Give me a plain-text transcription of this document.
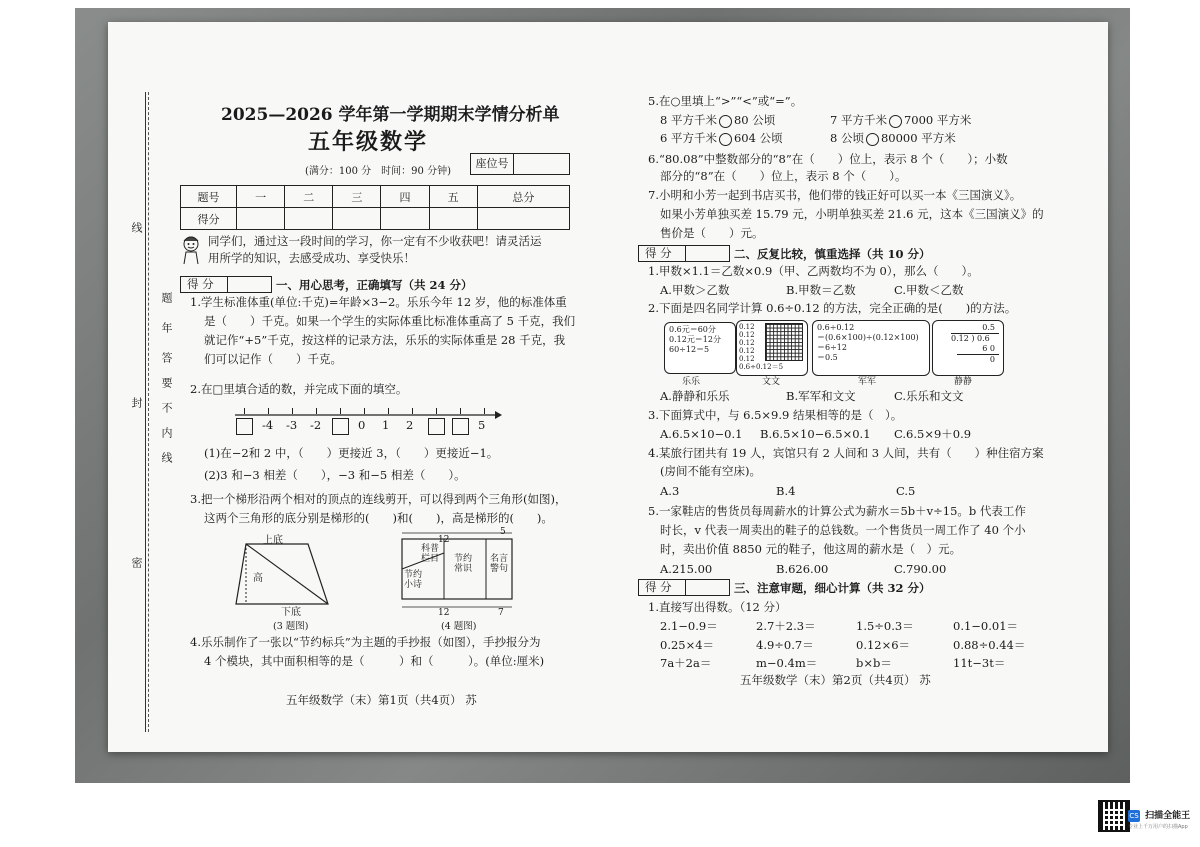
线
题
年
答
要
不
内
线
封
密
2025—2026 学年第一学期期末学情分析单
五年级数学
(满分：100 分　时间：90 分钟)
座位号
题号	一	二	三	四	五	总分
得分						
同学们，通过这一段时间的学习，你一定有不少收获吧！请灵活运
用所学的知识，去感受成功、享受快乐！
得 分	一、用心思考，正确填写（共 24 分）
1.学生标准体重(单位:千克)=年龄×3−2。乐乐今年 12 岁，他的标准体重
是（　　）千克。如果一个学生的实际体重比标准体重高了 5 千克，我们
就记作“+5”千克，按这样的记录方法，乐乐的实际体重是 28 千克，我
们可以记作（　　）千克。
2.在□里填合适的数，并完成下面的填空。
-4 -3 -2	0 1 2	5
(1)在−2和 2 中，（　　）更接近 3，（　　）更接近−1。
(2)3 和−3 相差（　　），−3 和−5 相差（　　）。
3.把一个梯形沿两个相对的顶点的连线剪开，可以得到两个三角形(如图)，
这两个三角形的底分别是梯形的(　　)和(　　)，高是梯形的(　　)。
上底
高
下底
(3 题图)
12
5
12	7
科普栏目
节约小诗
节约常识
名言警句
(4 题图)
4.乐乐制作了一张以“节约标兵”为主题的手抄报（如图），手抄报分为
4 个模块，其中面积相等的是（　　　）和（　　　）。(单位:厘米)
五年级数学（末）第1页（共4页） 苏
5.在○里填上“>”“<”或“=”。
8 平方千米 80 公顷	7 平方千米 7000 平方米
6 平方千米 604 公顷	8 公顷 80000 平方米
6.“80.08”中整数部分的“8”在（　　）位上，表示 8 个（　　）；小数
部分的“8”在（　　）位上，表示 8 个（　　）。
7.小明和小芳一起到书店买书，他们带的钱正好可以买一本《三国演义》。
如果小芳单独买差 15.79 元，小明单独买差 21.6 元，这本《三国演义》的
售价是（　　）元。
得 分	二、反复比较，慎重选择（共 10 分）
1.甲数×1.1＝乙数×0.9（甲、乙两数均不为 0），那么（　　）。
A.甲数＞乙数	B.甲数＝乙数	C.甲数＜乙数
2.下面是四名同学计算 0.6÷0.12 的方法，完全正确的是(　　)的方法。
0.6元＝60分
0.12元＝12分
60÷12＝5
0.12
0.12
0.12
0.12
0.12
0.6÷0.12＝5
0.6÷0.12
＝(0.6×100)÷(0.12×100)
＝6÷12
＝0.5
0.5
0.12 ) 0.6
6 0
0
乐乐	文文	军军	静静
A.静静和乐乐	B.军军和文文	C.乐乐和文文
3.下面算式中，与 6.5×9.9 结果相等的是（　）。
A.6.5×10−0.1 B.6.5×10−6.5×0.1 C.6.5×9＋0.9
4.某旅行团共有 19 人，宾馆只有 2 人间和 3 人间，共有（　　）种住宿方案
(房间不能有空床)。
A.3	B.4	C.5
5.一家鞋店的售货员每周薪水的计算公式为薪水＝5b＋v÷15。b 代表工作
时长，v 代表一周卖出的鞋子的总钱数。一个售货员一周工作了 40 个小
时，卖出价值 8850 元的鞋子，他这周的薪水是（　）元。
A.215.00	B.626.00	C.790.00
得 分	三、注意审题，细心计算（共 32 分）
1.直接写出得数。（12 分）
2.1−0.9＝	2.7＋2.3＝	1.5÷0.3＝	0.1−0.01＝
0.25×4＝	4.9÷0.7＝	0.12×6＝	0.88÷0.44＝
7a＋2a＝	m−0.4m＝	b×b＝	11t−3t＝
五年级数学（末）第2页（共4页） 苏
CS 扫描全能王
专业上千万用户的扫描App
